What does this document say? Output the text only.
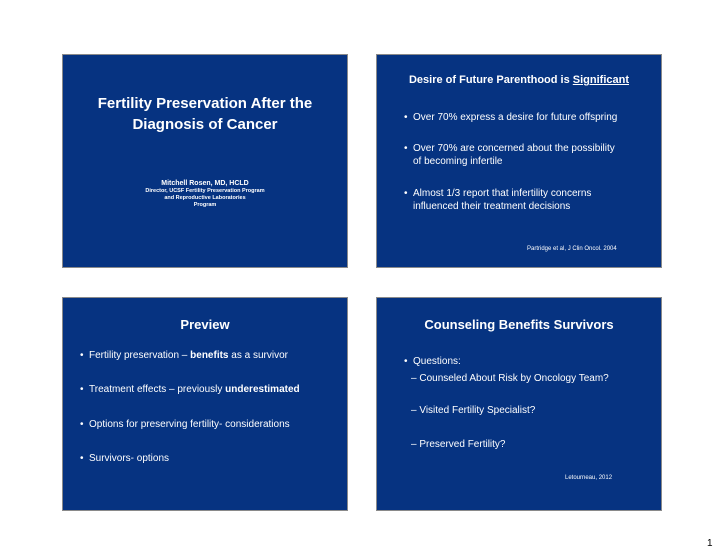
Fertility Preservation After the
Diagnosis of Cancer
Mitchell Rosen, MD, HCLD
Director, UCSF Fertility Preservation Program
and Reproductive Laboratories
Program
Desire of Future Parenthood is Significant
• Over 70% express a desire for future offspring
• Over 70% are concerned about the possibility
of becoming infertile
• Almost 1/3 report that infertility concerns
influenced their treatment decisions
Partridge et al, J Clin Oncol. 2004
Preview
• Fertility preservation – benefits as a survivor
• Treatment effects – previously underestimated
• Options for preserving fertility- considerations
• Survivors- options
Counseling Benefits Survivors
• Questions:
– Counseled About Risk by Oncology Team?
– Visited Fertility Specialist?
– Preserved Fertility?
Letourneau, 2012
1
